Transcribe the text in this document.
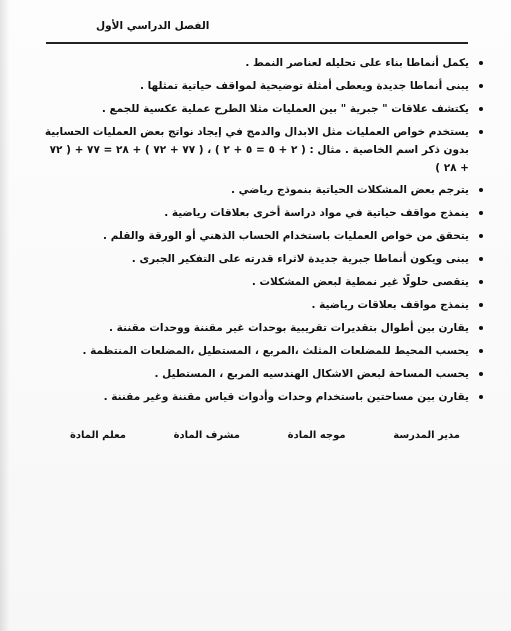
الفصل الدراسي الأول
يكمل أنماطا بناء على تحليله لعناصر النمط .
يبنى أنماطا جديدة ويعطى أمثلة توضيحية لمواقف حياتية تمثلها .
يكتشف علاقات " جبرية " بين العمليات مثلا الطرح عملية عكسية للجمع .
يستخدم خواص العمليات مثل الابدال والدمج في إيجاد نواتج بعض العمليات الحسابية بدون ذكر اسم الخاصية . مثال : ( ٢ + ٥ = ٥ + ٢ ) ، ( ٧٧ + ٧٢ ) + ٢٨ = ٧٧ + ( ٧٢ + ٢٨ )
يترجم بعض المشكلات الحياتية بنموذج رياضي .
ينمذج مواقف حياتية في مواد دراسة أخرى بعلاقات رياضية .
يتحقق من خواص العمليات باستخدام الحساب الذهني أو الورقة والقلم .
يبنى ويكون أنماطا جبرية جديدة لاثراء قدرته على التفكير الجبرى .
يتقصى حلولًا غير نمطية لبعض المشكلات .
ينمذج مواقف بعلاقات رياضية .
يقارن بين أطوال بتقديرات تقريبية بوحدات غير مقننة ووحدات مقننة .
يحسب المحيط للمضلعات المثلث ،المربع ، المستطيل ،المضلعات المنتظمة .
يحسب المساحة لبعض الاشكال الهندسيه المربع ، المستطيل .
يقارن بين مساحتين باستخدام وحدات وأدوات قياس مقننة وغير مقننة .
معلم المادة	مشرف المادة	موجه المادة	مدير المدرسة
